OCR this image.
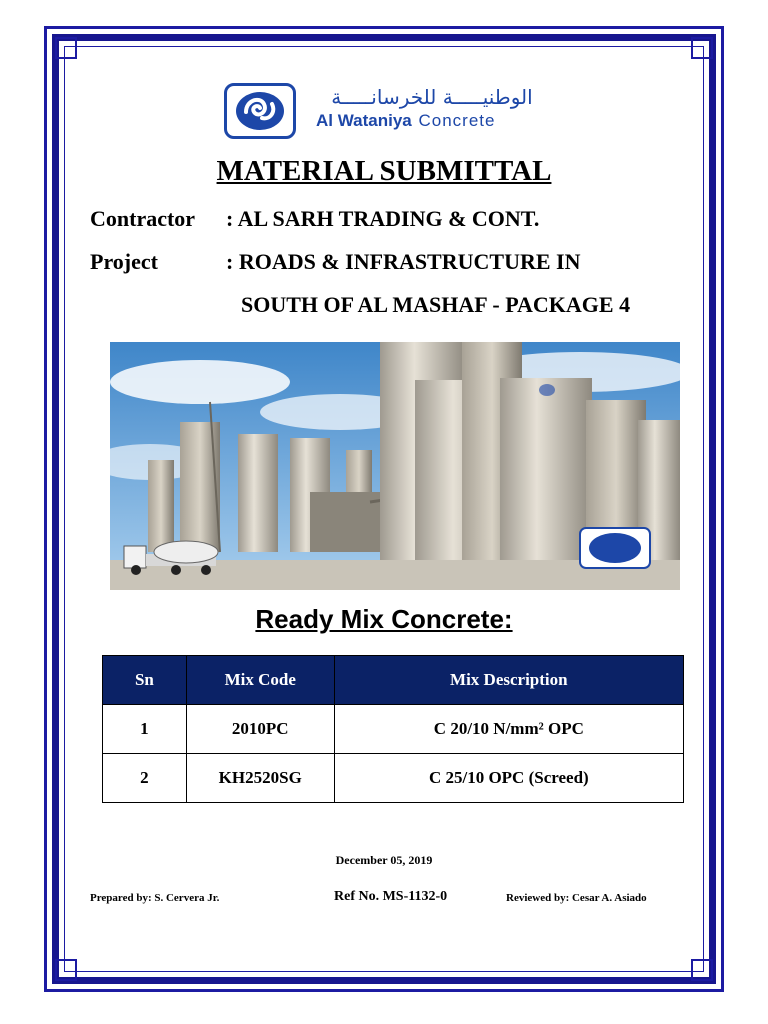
الوطنيـــــة للخرسانـــــة
Al Wataniya Concrete
MATERIAL SUBMITTAL
Contractor : AL SARH TRADING & CONT.
Project	: ROADS & INFRASTRUCTURE IN
SOUTH OF AL MASHAF - PACKAGE 4
Ready Mix Concrete:
Sn	Mix Code	Mix Description
1	2010PC	C 20/10 N/mm² OPC
2	KH2520SG	C 25/10 OPC (Screed)
December 05, 2019
Prepared by: S. Cervera Jr.	Ref No. MS-1132-0	Reviewed by: Cesar A. Asiado
